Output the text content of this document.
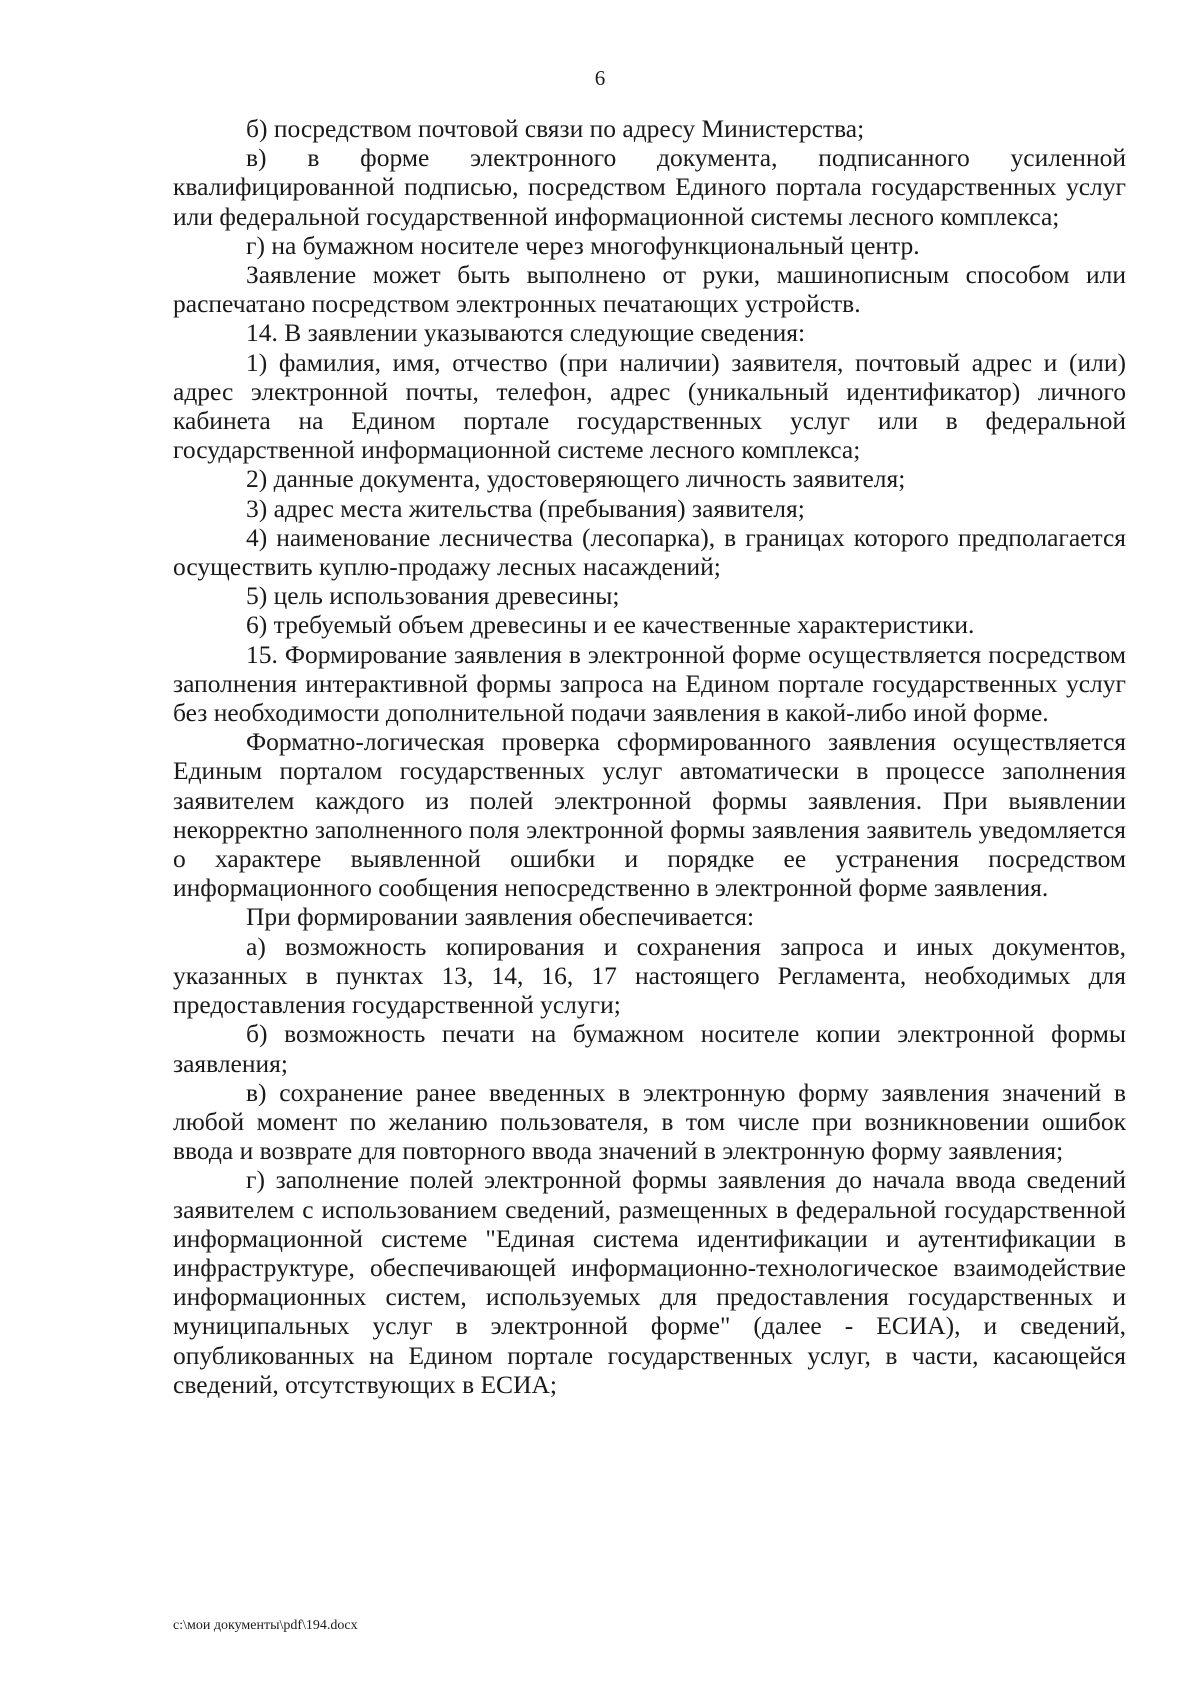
6

б) посредством почтовой связи по адресу Министерства;

в) в форме электронного документа, подписанного усиленной квалифицированной подписью, посредством Единого портала государственных услуг или федеральной государственной информационной системы лесного комплекса;

г) на бумажном носителе через многофункциональный центр.

Заявление может быть выполнено от руки, машинописным способом или распечатано посредством электронных печатающих устройств.

14. В заявлении указываются следующие сведения:

1) фамилия, имя, отчество (при наличии) заявителя, почтовый адрес и (или) адрес электронной почты, телефон, адрес (уникальный идентификатор) личного кабинета на Едином портале государственных услуг или в федеральной государственной информационной системе лесного комплекса;

2) данные документа, удостоверяющего личность заявителя;

3) адрес места жительства (пребывания) заявителя;

4) наименование лесничества (лесопарка), в границах которого предполагается осуществить куплю-продажу лесных насаждений;

5) цель использования древесины;

6) требуемый объем древесины и ее качественные характеристики.

15. Формирование заявления в электронной форме осуществляется посредством заполнения интерактивной формы запроса на Едином портале государственных услуг без необходимости дополнительной подачи заявления в какой-либо иной форме.

Форматно-логическая проверка сформированного заявления осуществляется Единым порталом государственных услуг автоматически в процессе заполнения заявителем каждого из полей электронной формы заявления. При выявлении некорректно заполненного поля электронной формы заявления заявитель уведомляется о характере выявленной ошибки и порядке ее устранения посредством информационного сообщения непосредственно в электронной форме заявления.

При формировании заявления обеспечивается:

а) возможность копирования и сохранения запроса и иных документов, указанных в пунктах 13, 14, 16, 17 настоящего Регламента, необходимых для предоставления государственной услуги;

б) возможность печати на бумажном носителе копии электронной формы заявления;

в) сохранение ранее введенных в электронную форму заявления значений в любой момент по желанию пользователя, в том числе при возникновении ошибок ввода и возврате для повторного ввода значений в электронную форму заявления;

г) заполнение полей электронной формы заявления до начала ввода сведений заявителем с использованием сведений, размещенных в федеральной государственной информационной системе "Единая система идентификации и аутентификации в инфраструктуре, обеспечивающей информационно-технологическое взаимодействие информационных систем, используемых для предоставления государственных и муниципальных услуг в электронной форме" (далее - ЕСИА), и сведений, опубликованных на Едином портале государственных услуг, в части, касающейся сведений, отсутствующих в ЕСИА;

c:\мои документы\pdf\194.docx
